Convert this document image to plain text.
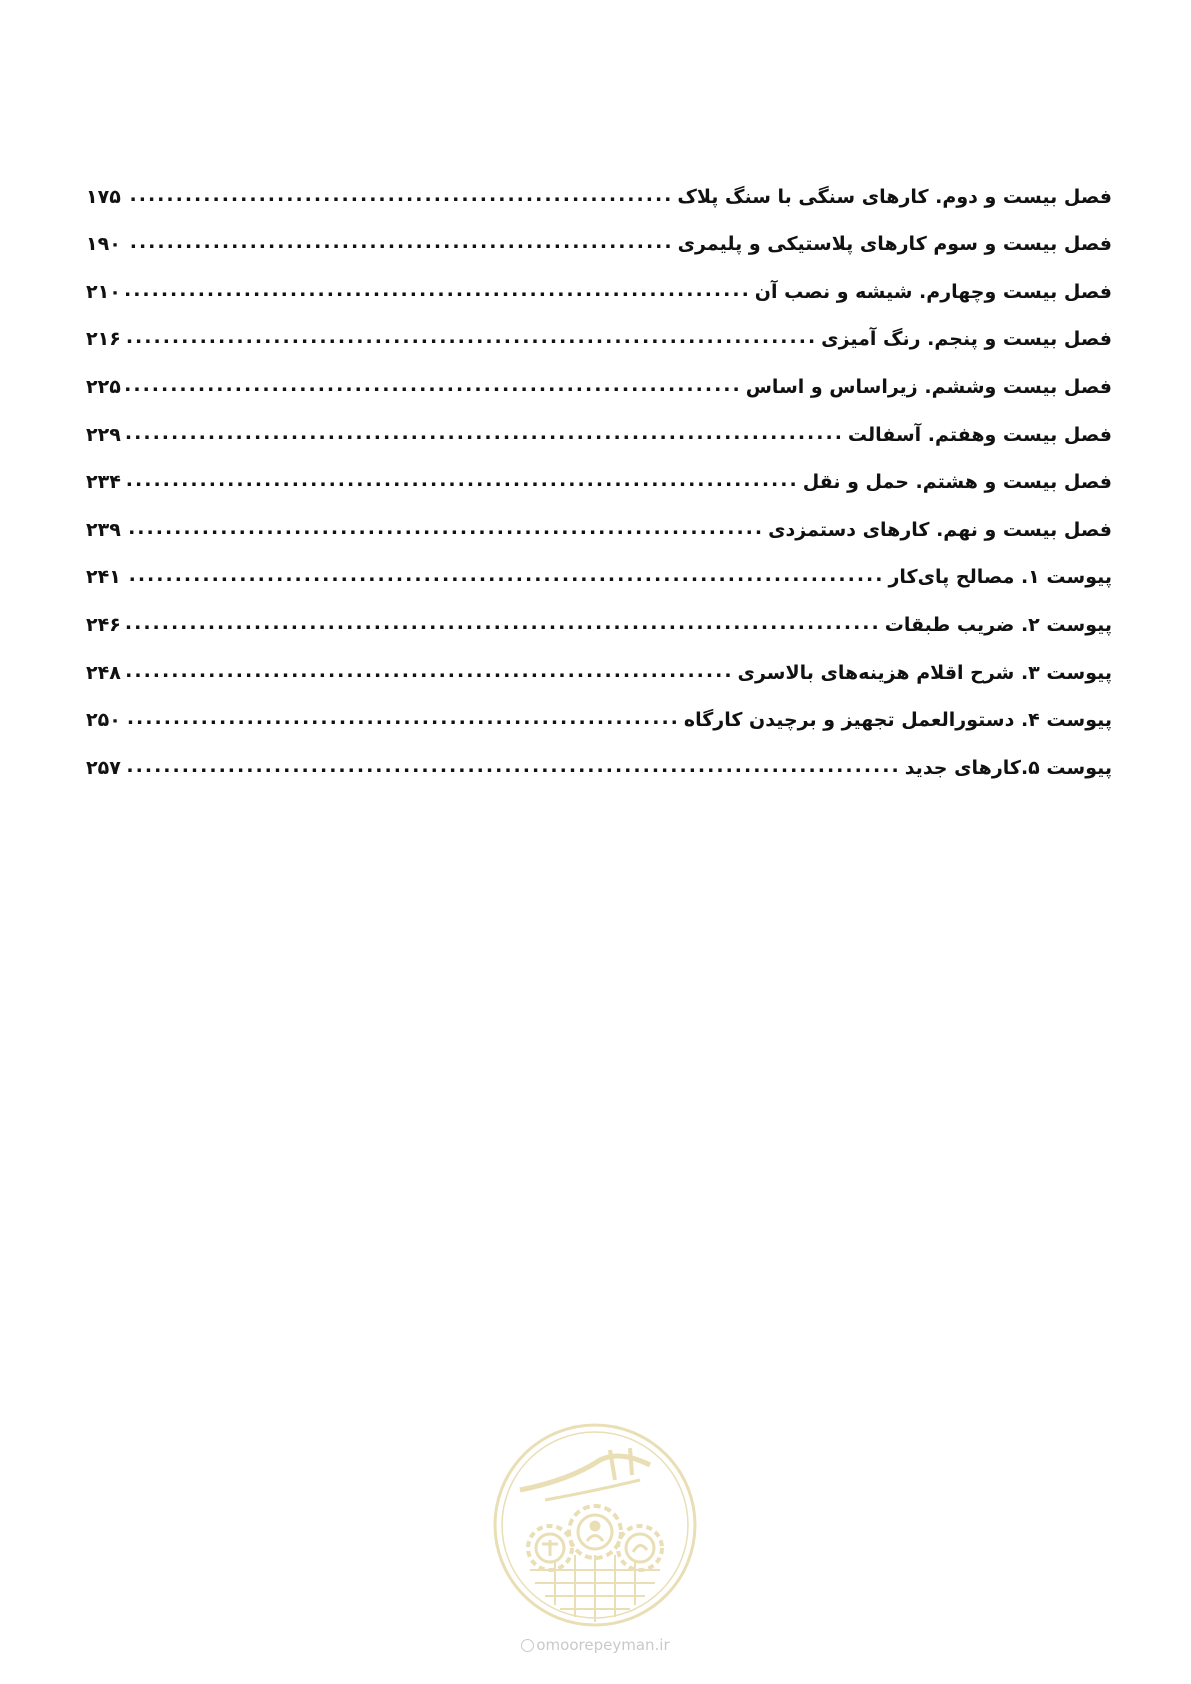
فصل بیست و دوم. کارهای سنگی با سنگ پلاک
.....
۱۷۵
فصل بیست و سوم کارهای پلاستیکی و پلیمری
.....
۱۹۰
فصل بیست وچهارم. شیشه و نصب آن
.....
۲۱۰
فصل بیست و پنجم. رنگ آمیزی
.....
۲۱۶
فصل بیست وششم. زیراساس و اساس
.....
۲۲۵
فصل بیست وهفتم. آسفالت
.....
۲۲۹
فصل بیست و هشتم. حمل و نقل
.....
۲۳۴
فصل بیست و نهم. کارهای دستمزدی
.....
۲۳۹
پیوست ۱. مصالح پای‌کار
.....
۲۴۱
پیوست ۲. ضریب طبقات
.....
۲۴۶
پیوست ۳. شرح اقلام هزینه‌های بالاسری
.....
۲۴۸
پیوست ۴. دستورالعمل تجهیز و برچیدن کارگاه
.....
۲۵۰
پیوست ۵.کارهای جدید
.....
۲۵۷
omoorepeyman.ir
